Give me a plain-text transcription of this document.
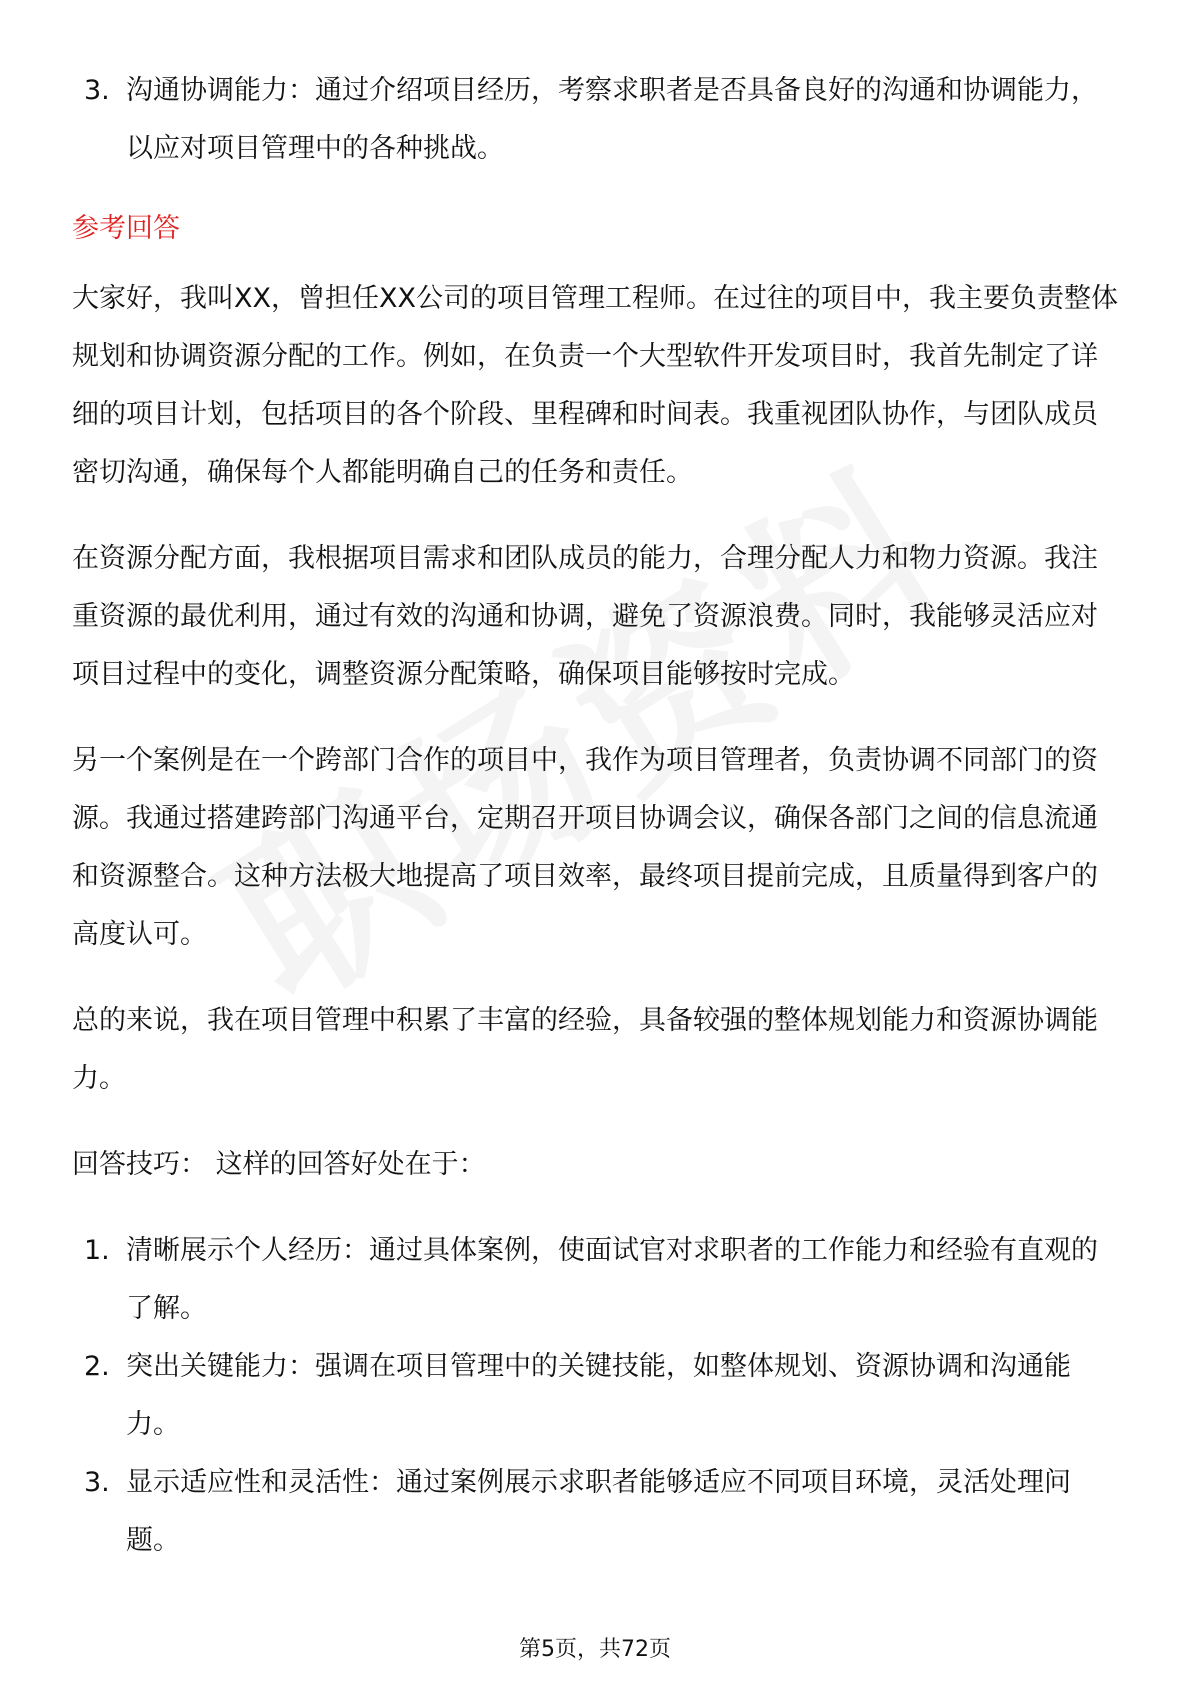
3. 沟通协调能力：通过介绍项目经历，考察求职者是否具备良好的沟通和协调能力，以应对项目管理中的各种挑战。
参考回答

大家好，我叫XX，曾担任XX公司的项目管理工程师。在过往的项目中，我主要负责整体规划和协调资源分配的工作。例如，在负责一个大型软件开发项目时，我首先制定了详细的项目计划，包括项目的各个阶段、里程碑和时间表。我重视团队协作，与团队成员密切沟通，确保每个人都能明确自己的任务和责任。

在资源分配方面，我根据项目需求和团队成员的能力，合理分配人力和物力资源。我注重资源的最优利用，通过有效的沟通和协调，避免了资源浪费。同时，我能够灵活应对项目过程中的变化，调整资源分配策略，确保项目能够按时完成。

另一个案例是在一个跨部门合作的项目中，我作为项目管理者，负责协调不同部门的资源。我通过搭建跨部门沟通平台，定期召开项目协调会议，确保各部门之间的信息流通和资源整合。这种方法极大地提高了项目效率，最终项目提前完成，且质量得到客户的高度认可。

总的来说，我在项目管理中积累了丰富的经验，具备较强的整体规划能力和资源协调能力。

回答技巧： 这样的回答好处在于：

1. 清晰展示个人经历：通过具体案例，使面试官对求职者的工作能力和经验有直观的了解。
2. 突出关键能力：强调在项目管理中的关键技能，如整体规划、资源协调和沟通能力。
3. 显示适应性和灵活性：通过案例展示求职者能够适应不同项目环境，灵活处理问题。
第5页，共72页
